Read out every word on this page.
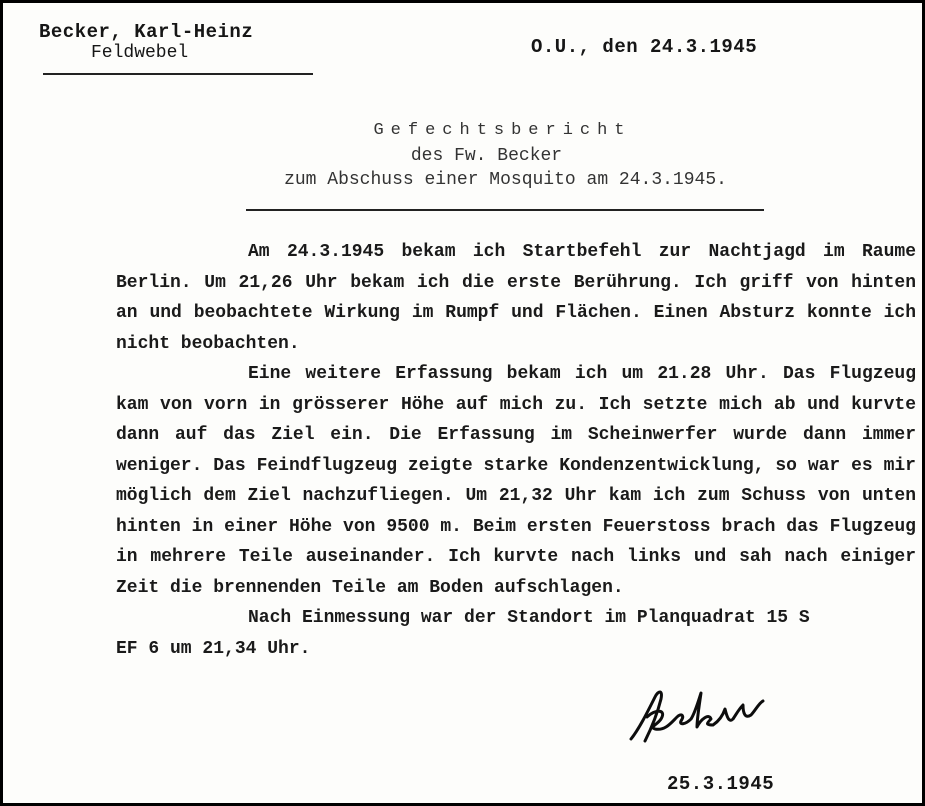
Becker, Karl-Heinz
Feldwebel	O.U., den 24.3.1945
Gefechtsbericht
des Fw. Becker
zum Abschuss einer Mosquito am 24.3.1945.

Am 24.3.1945 bekam ich Startbefehl zur Nachtjagd im Raume Berlin. Um 21,26 Uhr bekam ich die erste Berührung. Ich griff von hinten an und beobachtete Wirkung im Rumpf und Flächen. Einen Absturz konnte ich nicht beobachten.

Eine weitere Erfassung bekam ich um 21.28 Uhr. Das Flugzeug kam von vorn in grösserer Höhe auf mich zu. Ich setzte mich ab und kurvte dann auf das Ziel ein. Die Erfassung im Scheinwerfer wurde dann immer weniger. Das Feindflugzeug zeigte starke Kondenzentwicklung, so war es mir möglich dem Ziel nachzufliegen. Um 21,32 Uhr kam ich zum Schuss von unten hinten in einer Höhe von 9500 m. Beim ersten Feuerstoss brach das Flugzeug in mehrere Teile auseinander. Ich kurvte nach links und sah nach einiger Zeit die brennenden Teile am Boden aufschlagen.

Nach Einmessung war der Standort im Planquadrat 15 S

EF 6 um 21,34 Uhr.

25.3.1945
